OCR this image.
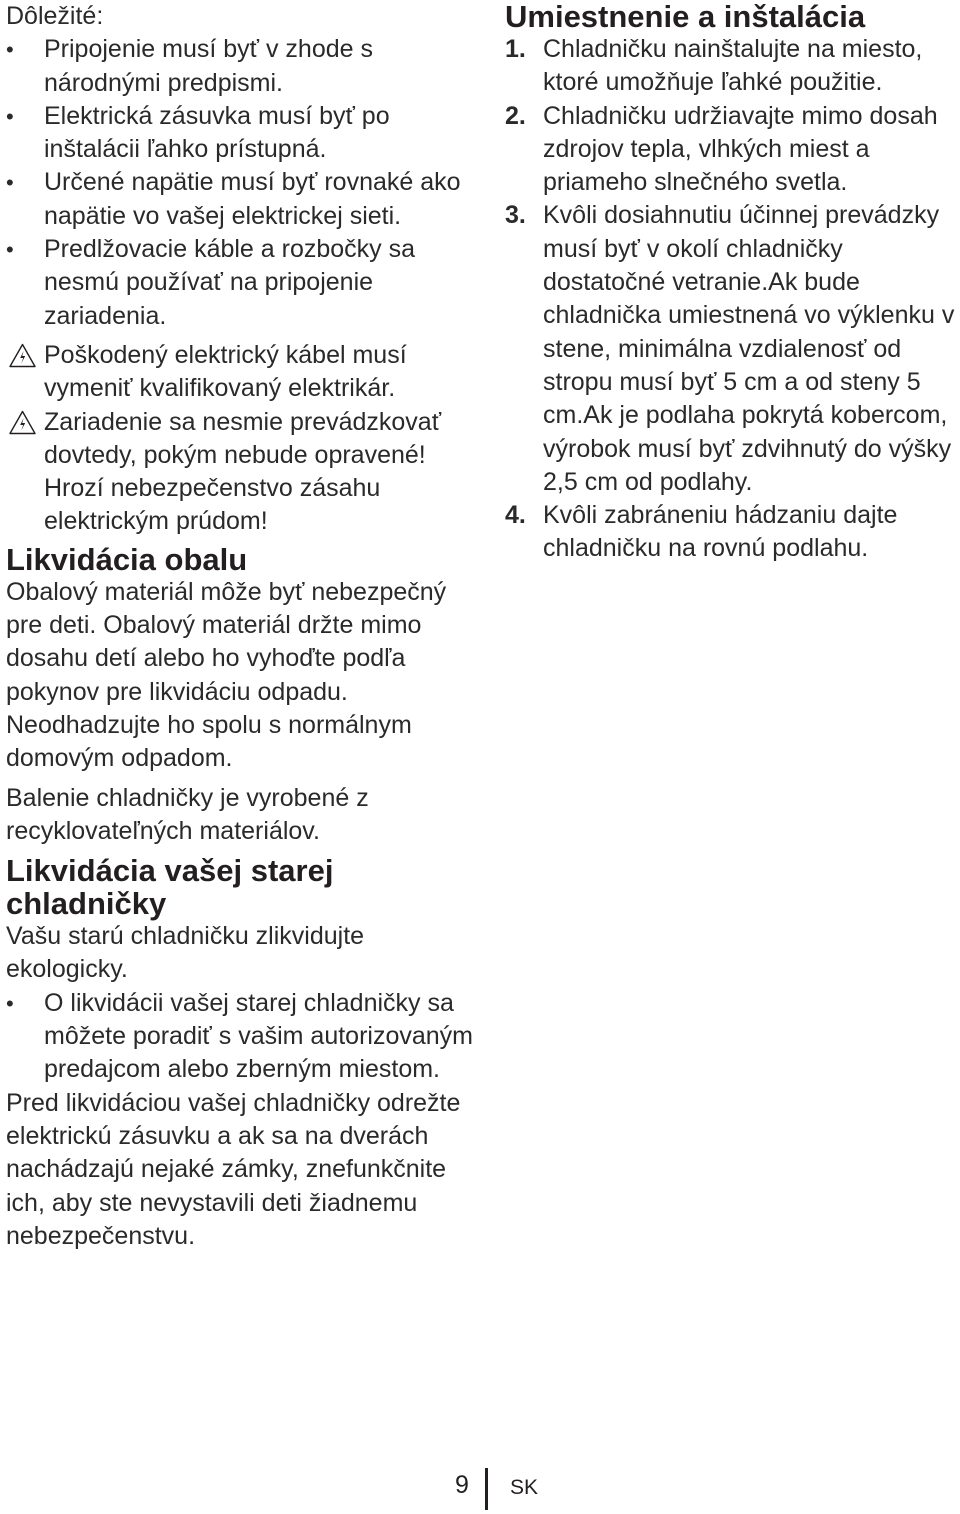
Dôležité:

•	Pripojenie musí byť v zhode s národnými predpismi.
•	Elektrická zásuvka musí byť po inštalácii ľahko prístupná.
•	Určené napätie musí byť rovnaké ako napätie vo vašej elektrickej sieti.
•	Predlžovacie káble a rozbočky sa nesmú používať na pripojenie zariadenia.
Poškodený elektrický kábel musí vymeniť kvalifikovaný elektrikár.
Zariadenie sa nesmie prevádzkovať dovtedy, pokým nebude opravené! Hrozí nebezpečenstvo zásahu elektrickým prúdom!
Likvidácia obalu

Obalový materiál môže byť nebezpečný pre deti. Obalový materiál držte mimo dosahu detí alebo ho vyhoďte podľa pokynov pre likvidáciu odpadu. Neodhadzujte ho spolu s normálnym domovým odpadom.

Balenie chladničky je vyrobené z recyklovateľných materiálov.

Likvidácia vašej starej chladničky

Vašu starú chladničku zlikvidujte ekologicky.

•	O likvidácii vašej starej chladničky sa môžete poradiť s vašim autorizovaným predajcom alebo zberným miestom.

Pred likvidáciou vašej chladničky odrežte elektrickú zásuvku a ak sa na dverách nachádzajú nejaké zámky, znefunkčnite ich, aby ste nevystavili deti žiadnemu nebezpečenstvu.

Umiestnenie a inštalácia
1. Chladničku nainštalujte na miesto, ktoré umožňuje ľahké použitie.
2. Chladničku udržiavajte mimo dosah zdrojov tepla, vlhkých miest a priameho slnečného svetla.
3. Kvôli dosiahnutiu účinnej prevádzky musí byť v okolí chladničky dostatočné vetranie.Ak bude chladnička umiestnená vo výklenku v stene, minimálna vzdialenosť od stropu musí byť 5 cm a od steny 5 cm.Ak je podlaha pokrytá kobercom, výrobok musí byť zdvihnutý do výšky 2,5 cm od podlahy.
4. Kvôli zabráneniu hádzaniu dajte chladničku na rovnú podlahu.
9 SK
